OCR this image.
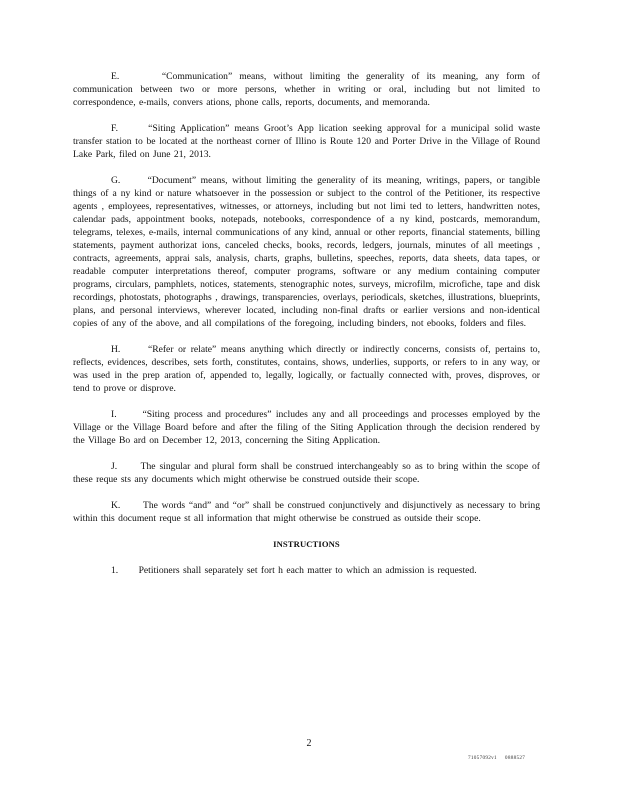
E.      “Communication” means, without limiting the generality of its meaning, any form of communication between two or more persons, whether in writing or oral, including but not limited to correspondence, e-mails, convers ations, phone calls, reports, documents, and memoranda.

F.      “Siting Application” means Groot’s App lication seeking approval for a municipal solid waste transfer station to be located at the northeast corner of Illino is Route 120 and Porter Drive in the Village of Round Lake Park, filed on June 21, 2013.

G.      “Document” means, without limiting the generality of its meaning, writings, papers, or tangible things of a ny kind or nature whatsoever in the possession or subject to the control of the Petitioner, its respective agents , employees, representatives, witnesses, or attorneys, including but not limi ted to letters, handwritten notes, calendar pads, appointment books, notepads, notebooks, correspondence of a ny kind, postcards, memorandum, telegrams, telexes, e-mails, internal communications of any kind, annual or other reports, financial statements, billing statements, payment authorizat ions, canceled checks, books, records, ledgers, journals, minutes of all meetings , contracts, agreements, apprai sals, analysis, charts, graphs, bulletins, speeches, reports, data sheets, data tapes, or readable computer interpretations thereof, computer programs, software or any medium containing computer programs, circulars, pamphlets, notices, statements, stenographic notes, surveys, microfilm, microfiche, tape and disk recordings, photostats, photographs , drawings, transparencies, overlays, periodicals, sketches, illustrations, blueprints, plans, and personal interviews, wherever located, including non-final drafts or earlier versions and non-identical copies of any of the above, and all compilations of the foregoing, including binders, not ebooks, folders and files.

H.      “Refer or relate” means anything which directly or indirectly concerns, consists of, pertains to, reflects, evidences, describes, sets forth, constitutes, contains, shows, underlies, supports, or refers to in any way, or was used in the prep aration of, appended to, legally, logically, or factually connected with, proves, disproves, or tend to prove or disprove.

I.      “Siting process and procedures” includes any and all proceedings and processes employed by the Village or the Village Board before and after the filing of the Siting Application through the decision rendered by the Village Bo ard on December 12, 2013, concerning the Siting Application.

J.      The singular and plural form shall be construed interchangeably so as to bring within the scope of these reque sts any documents which might otherwise be construed outside their scope.

K.      The words “and” and “or” shall be construed conjunctively and disjunctively as necessary to bring within this document reque st all information that might otherwise be construed as outside their scope.

INSTRUCTIONS

1.      Petitioners shall separately set fort h each matter to which an admission is requested.

2
71057092v1     0888527
